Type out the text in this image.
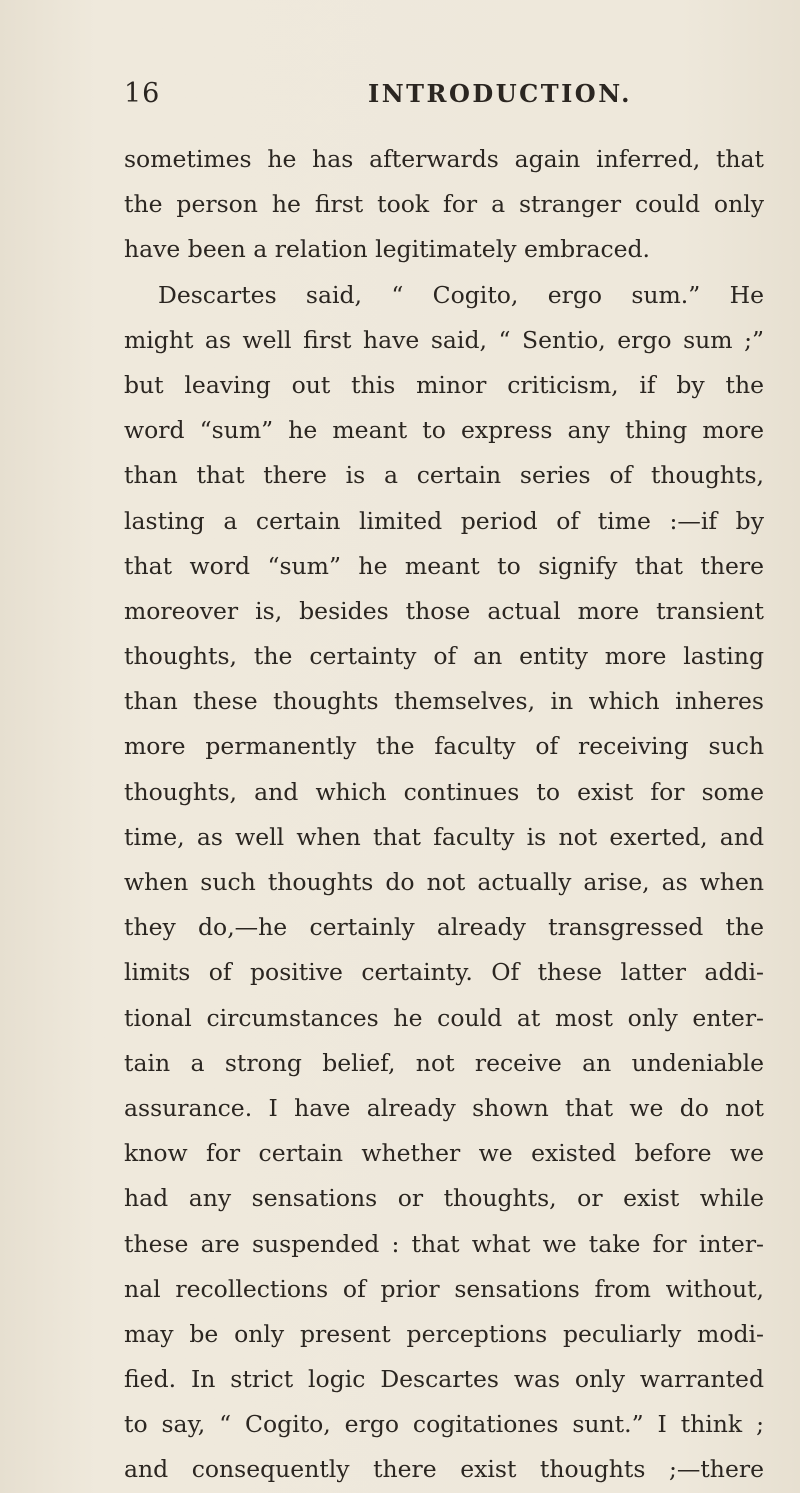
16	INTRODUCTION.
sometimes he has afterwards again inferred, that
the person he first took for a stranger could only
have been a relation legitimately embraced.
Descartes said, “ Cogito, ergo sum.” He
might as well first have said, “ Sentio, ergo sum ;”
but leaving out this minor criticism, if by the
word “sum” he meant to express any thing more
than that there is a certain series of thoughts,
lasting a certain limited period of time :—if by
that word “sum” he meant to signify that there
moreover is, besides those actual more transient
thoughts, the certainty of an entity more lasting
than these thoughts themselves, in which inheres
more permanently the faculty of receiving such
thoughts, and which continues to exist for some
time, as well when that faculty is not exerted, and
when such thoughts do not actually arise, as when
they do,—he certainly already transgressed the
limits of positive certainty. Of these latter addi-
tional circumstances he could at most only enter-
tain a strong belief, not receive an undeniable
assurance. I have already shown that we do not
know for certain whether we existed before we
had any sensations or thoughts, or exist while
these are suspended : that what we take for inter-
nal recollections of prior sensations from without,
may be only present perceptions peculiarly modi-
fied. In strict logic Descartes was only warranted
to say, “ Cogito, ergo cogitationes sunt.” I think ;
and consequently there exist thoughts ;—there
